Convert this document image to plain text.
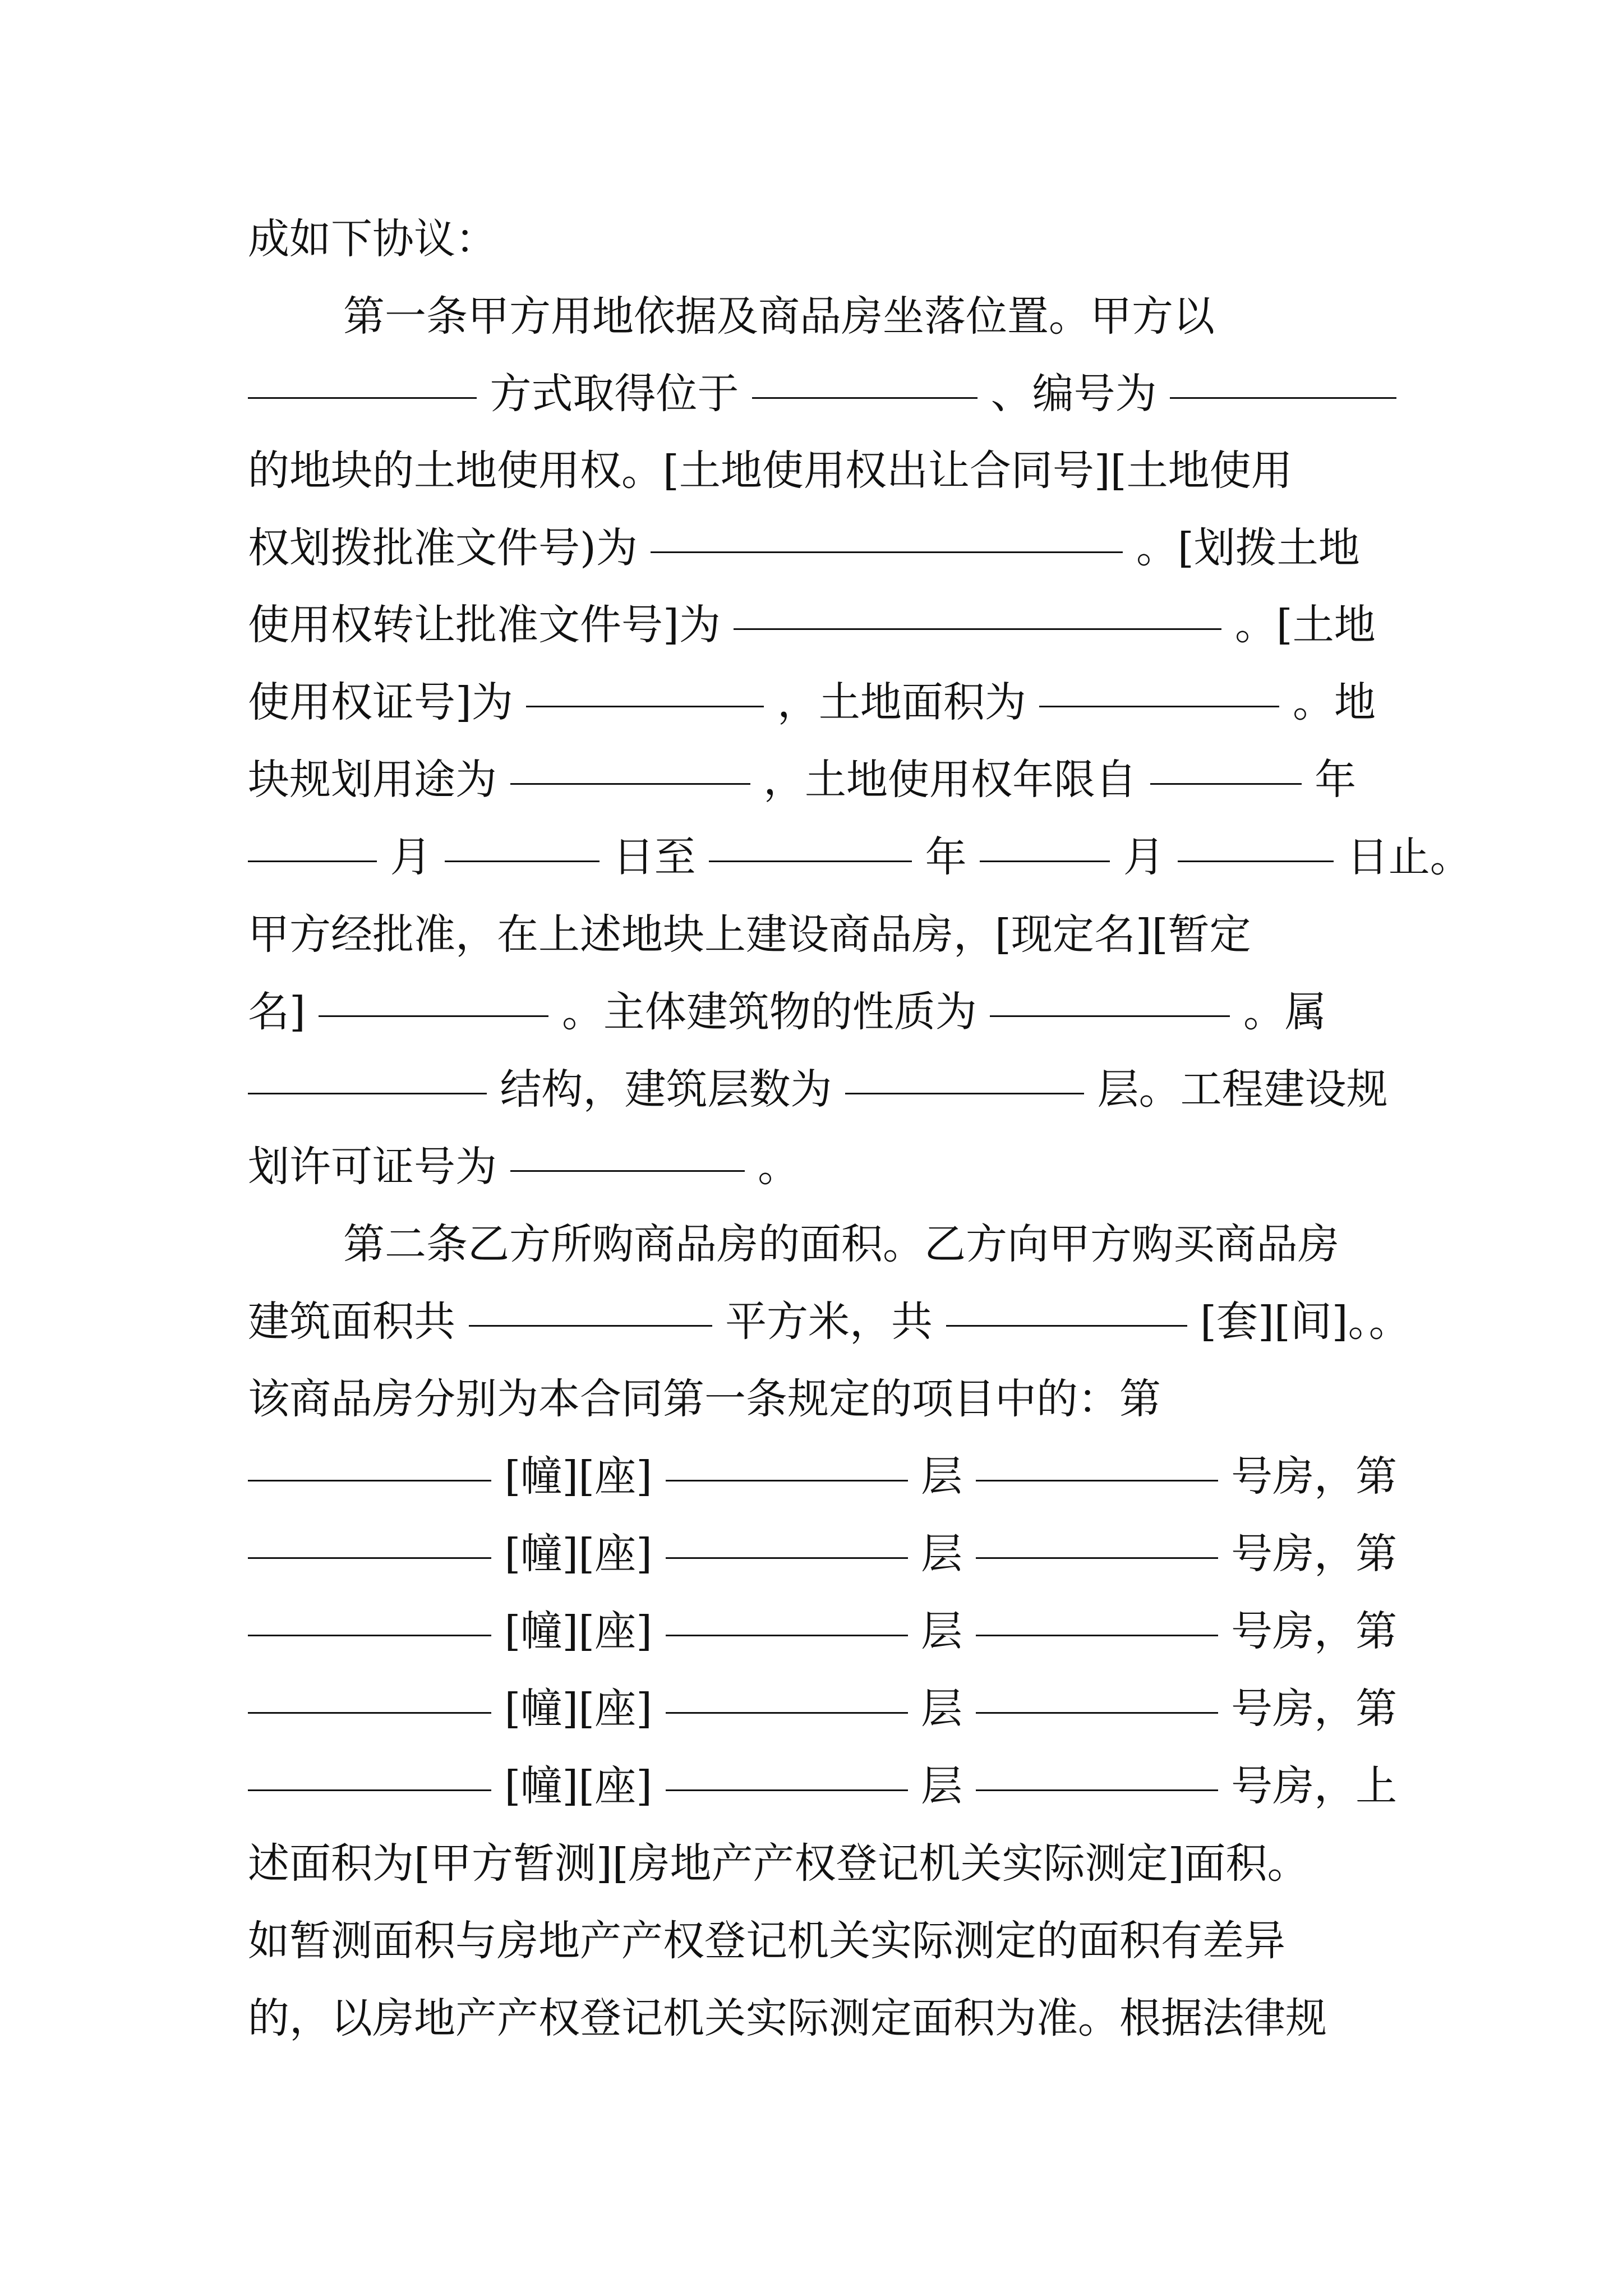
成如下协议：
第一条甲方用地依据及商品房坐落位置。甲方以
方式取得位于	、编号为
的地块的土地使用权。[土地使用权出让合同号][土地使用
权划拨批准文件号)为	。[划拨土地
使用权转让批准文件号]为	。[土地
使用权证号]为	，土地面积为	。地
块规划用途为	，土地使用权年限自	年
月	日至	年	月	日止。
甲方经批准，在上述地块上建设商品房，[现定名][暂定
名]	。主体建筑物的性质为	。属
结构，建筑层数为	层。工程建设规
划许可证号为	。
第二条乙方所购商品房的面积。乙方向甲方购买商品房
建筑面积共	平方米，共	[套][间]。。
该商品房分别为本合同第一条规定的项目中的：第
[幢][座]	层	号房，第
[幢][座]	层	号房，第
[幢][座]	层	号房，第
[幢][座]	层	号房，第
[幢][座]	层	号房，上
述面积为[甲方暂测][房地产产权登记机关实际测定]面积。
如暂测面积与房地产产权登记机关实际测定的面积有差异
的，以房地产产权登记机关实际测定面积为准。根据法律规
